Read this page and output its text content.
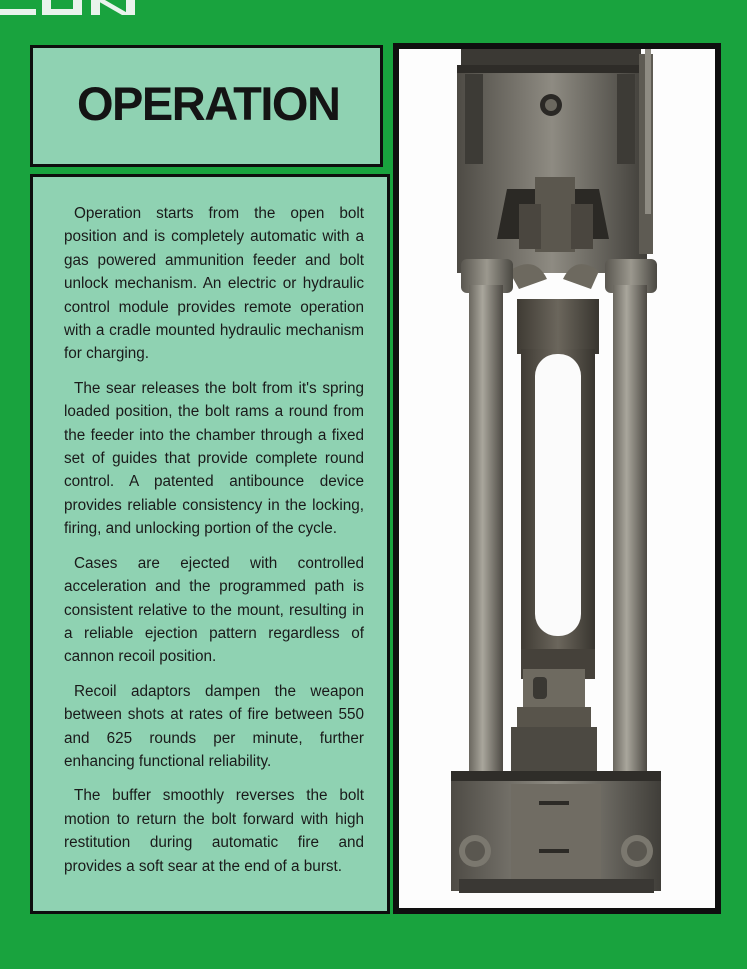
OPERATION

Operation starts from the open bolt position and is completely automatic with a gas powered ammunition feeder and bolt unlock mechanism. An electric or hydraulic control module provides remote operation with a cradle mounted hydraulic mechanism for charging.

The sear releases the bolt from it's spring loaded position, the bolt rams a round from the feeder into the chamber through a fixed set of guides that provide complete round control. A patented antibounce device provides reliable consistency in the locking, firing, and unlocking portion of the cycle.

Cases are ejected with controlled acceleration and the programmed path is consistent relative to the mount, resulting in a reliable ejection pattern regardless of cannon recoil position.

Recoil adaptors dampen the weapon between shots at rates of fire between 550 and 625 rounds per minute, further enhancing functional reliability.

The buffer smoothly reverses the bolt motion to return the bolt forward with high restitution during automatic fire and provides a soft sear at the end of a burst.
